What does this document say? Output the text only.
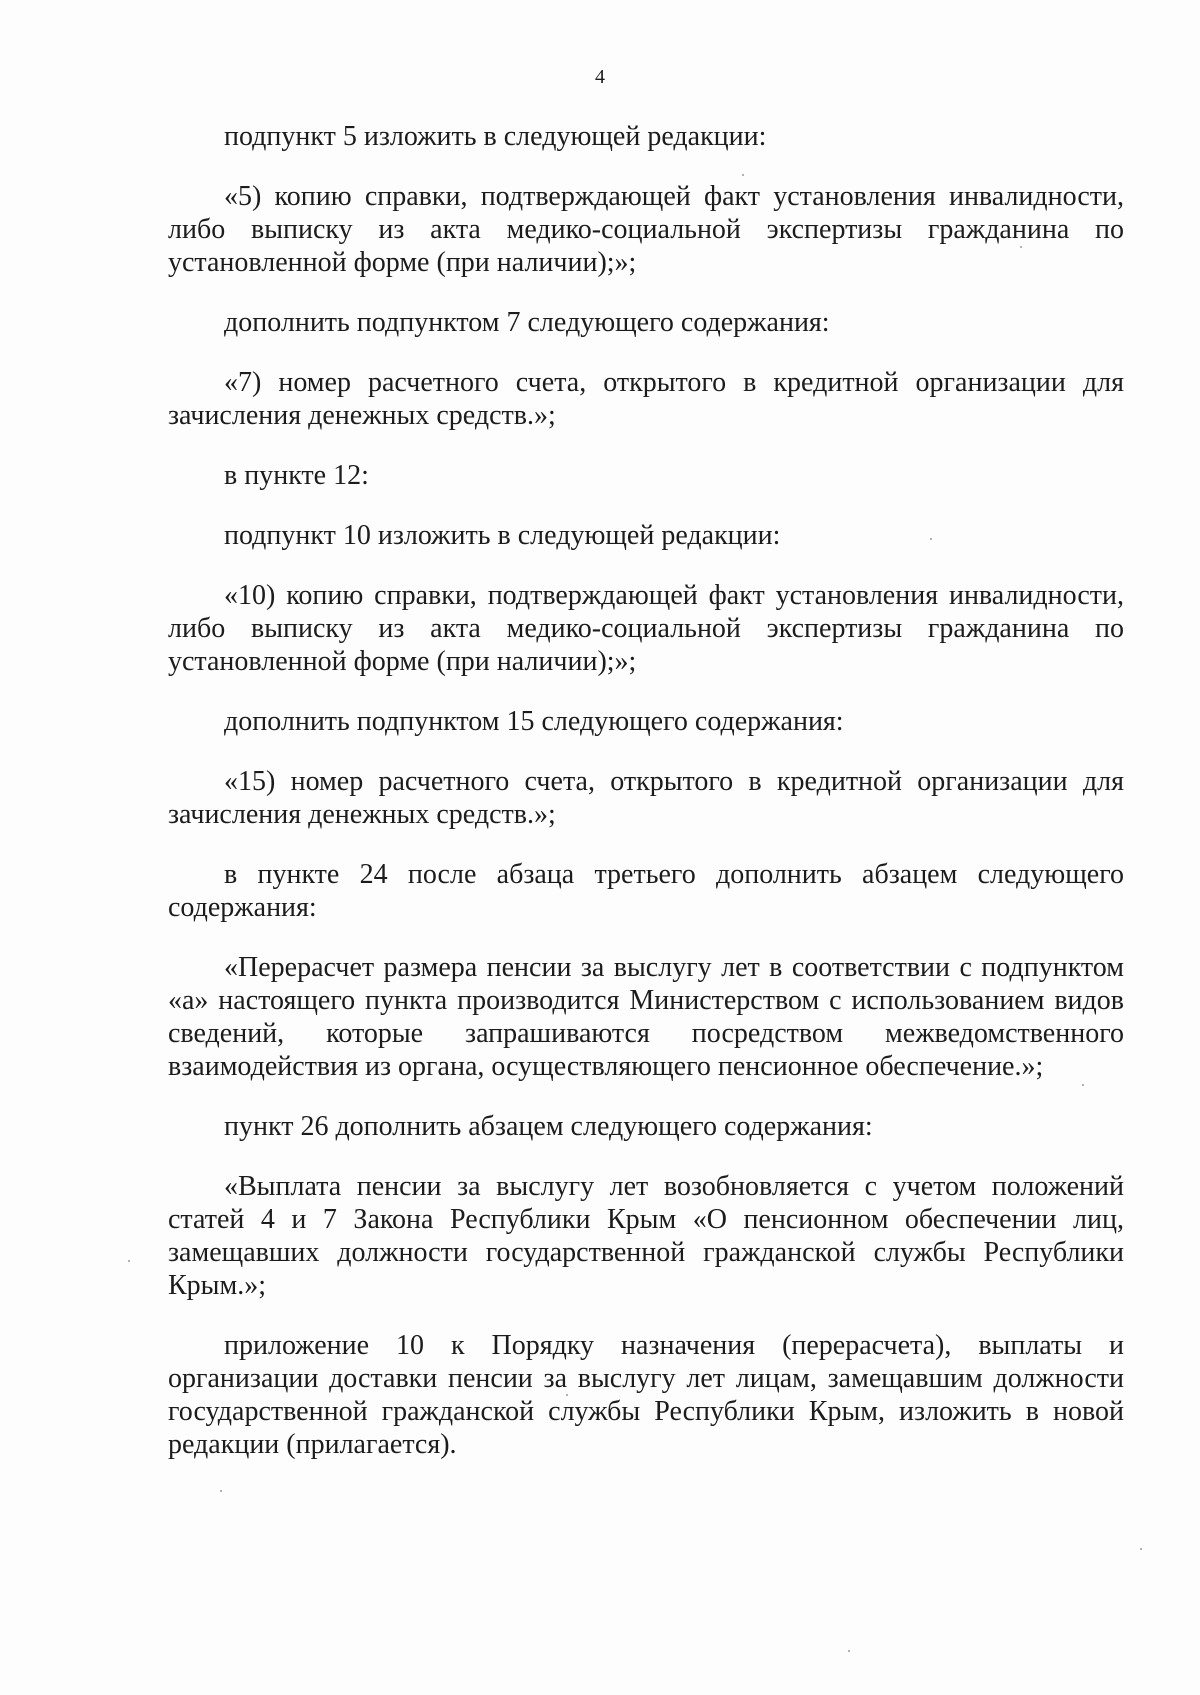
4

подпункт 5 изложить в следующей редакции:

«5) копию справки, подтверждающей факт установления инвалидности, либо выписку из акта медико-социальной экспертизы гражданина по установленной форме (при наличии);»;

дополнить подпунктом 7 следующего содержания:

«7) номер расчетного счета, открытого в кредитной организации для зачисления денежных средств.»;

в пункте 12:

подпункт 10 изложить в следующей редакции:

«10) копию справки, подтверждающей факт установления инвалидности, либо выписку из акта медико-социальной экспертизы гражданина по установленной форме (при наличии);»;

дополнить подпунктом 15 следующего содержания:

«15) номер расчетного счета, открытого в кредитной организации для зачисления денежных средств.»;

в пункте 24 после абзаца третьего дополнить абзацем следующего содержания:

«Перерасчет размера пенсии за выслугу лет в соответствии с подпунктом «а» настоящего пункта производится Министерством с использованием видов сведений, которые запрашиваются посредством межведомственного взаимодействия из органа, осуществляющего пенсионное обеспечение.»;

пункт 26 дополнить абзацем следующего содержания:

«Выплата пенсии за выслугу лет возобновляется с учетом положений статей 4 и 7 Закона Республики Крым «О пенсионном обеспечении лиц, замещавших должности государственной гражданской службы Республики Крым.»;

приложение 10 к Порядку назначения (перерасчета), выплаты и организации доставки пенсии за выслугу лет лицам, замещавшим должности государственной гражданской службы Республики Крым, изложить в новой редакции (прилагается).
